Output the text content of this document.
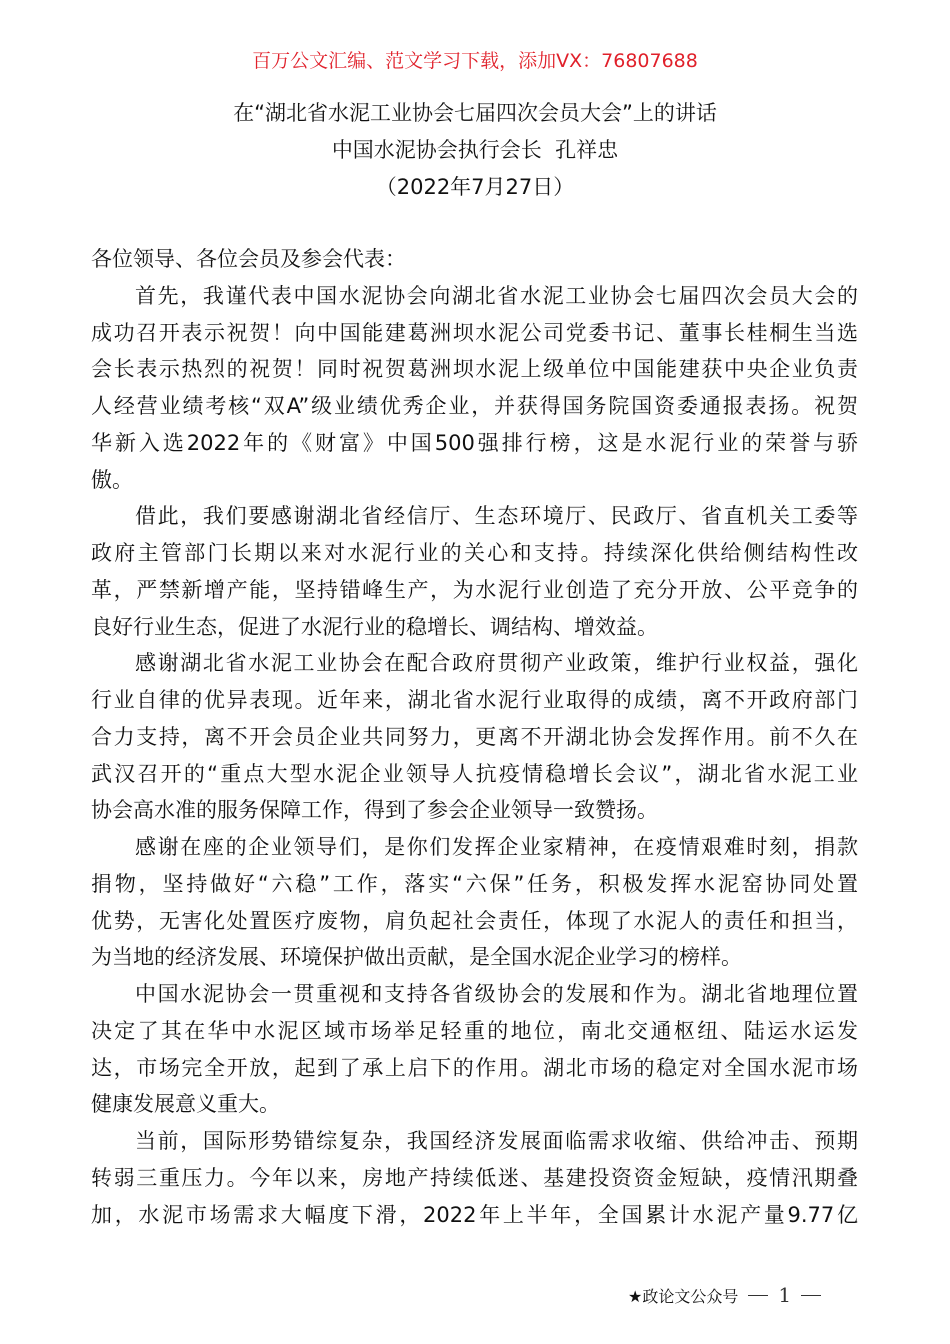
百万公文汇编、范文学习下载，添加VX：76807688
在“湖北省水泥工业协会七届四次会员大会”上的讲话
中国水泥协会执行会长  孔祥忠
（2022年7月27日）
各位领导、各位会员及参会代表：
首先，我谨代表中国水泥协会向湖北省水泥工业协会七届四次会员大会的
成功召开表示祝贺！向中国能建葛洲坝水泥公司党委书记、董事长桂桐生当选
会长表示热烈的祝贺！同时祝贺葛洲坝水泥上级单位中国能建获中央企业负责
人经营业绩考核“双A”级业绩优秀企业，并获得国务院国资委通报表扬。祝贺
华新入选2022年的《财富》中国500强排行榜，这是水泥行业的荣誉与骄
傲。
借此，我们要感谢湖北省经信厅、生态环境厅、民政厅、省直机关工委等
政府主管部门长期以来对水泥行业的关心和支持。持续深化供给侧结构性改
革，严禁新增产能，坚持错峰生产，为水泥行业创造了充分开放、公平竞争的
良好行业生态，促进了水泥行业的稳增长、调结构、增效益。
感谢湖北省水泥工业协会在配合政府贯彻产业政策，维护行业权益，强化
行业自律的优异表现。近年来，湖北省水泥行业取得的成绩，离不开政府部门
合力支持，离不开会员企业共同努力，更离不开湖北协会发挥作用。前不久在
武汉召开的“重点大型水泥企业领导人抗疫情稳增长会议”，湖北省水泥工业
协会高水准的服务保障工作，得到了参会企业领导一致赞扬。
感谢在座的企业领导们，是你们发挥企业家精神，在疫情艰难时刻，捐款
捐物，坚持做好“六稳”工作，落实“六保”任务，积极发挥水泥窑协同处置
优势，无害化处置医疗废物，肩负起社会责任，体现了水泥人的责任和担当，
为当地的经济发展、环境保护做出贡献，是全国水泥企业学习的榜样。
中国水泥协会一贯重视和支持各省级协会的发展和作为。湖北省地理位置
决定了其在华中水泥区域市场举足轻重的地位，南北交通枢纽、陆运水运发
达，市场完全开放，起到了承上启下的作用。湖北市场的稳定对全国水泥市场
健康发展意义重大。
当前，国际形势错综复杂，我国经济发展面临需求收缩、供给冲击、预期
转弱三重压力。今年以来，房地产持续低迷、基建投资资金短缺，疫情汛期叠
加，水泥市场需求大幅度下滑，2022年上半年，全国累计水泥产量9.77亿
★政论文公众号 1
